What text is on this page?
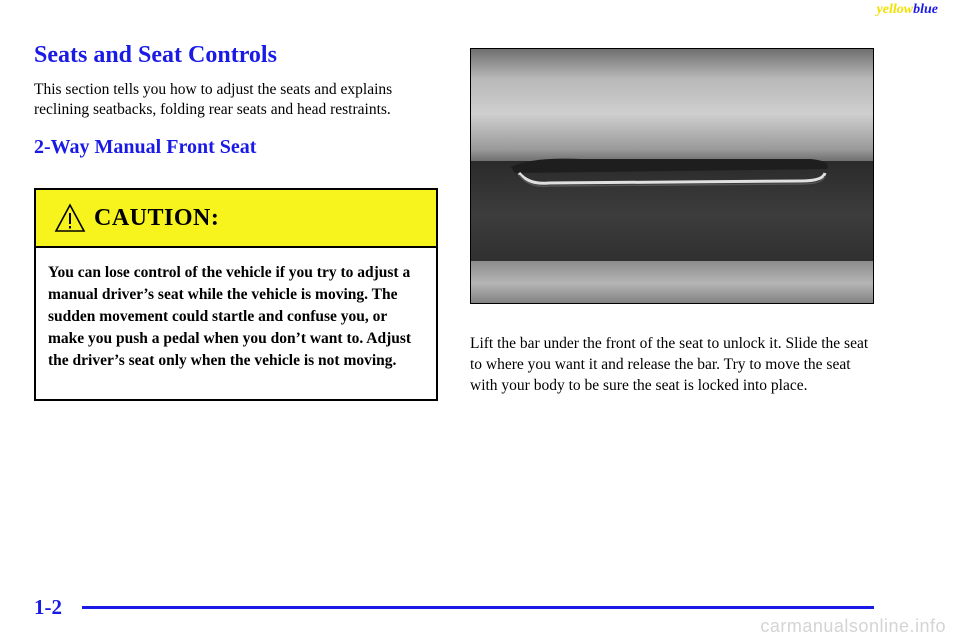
yellowblue
Seats and Seat Controls

This section tells you how to adjust the seats and explains reclining seatbacks, folding rear seats and head restraints.

2-Way Manual Front Seat
CAUTION:
You can lose control of the vehicle if you try to adjust a manual driver’s seat while the vehicle is moving. The sudden movement could startle and confuse you, or make you push a pedal when you don’t want to. Adjust the driver’s seat only when the vehicle is not moving.

Lift the bar under the front of the seat to unlock it. Slide the seat to where you want it and release the bar. Try to move the seat with your body to be sure the seat is locked into place.

1-2
carmanualsonline.info
